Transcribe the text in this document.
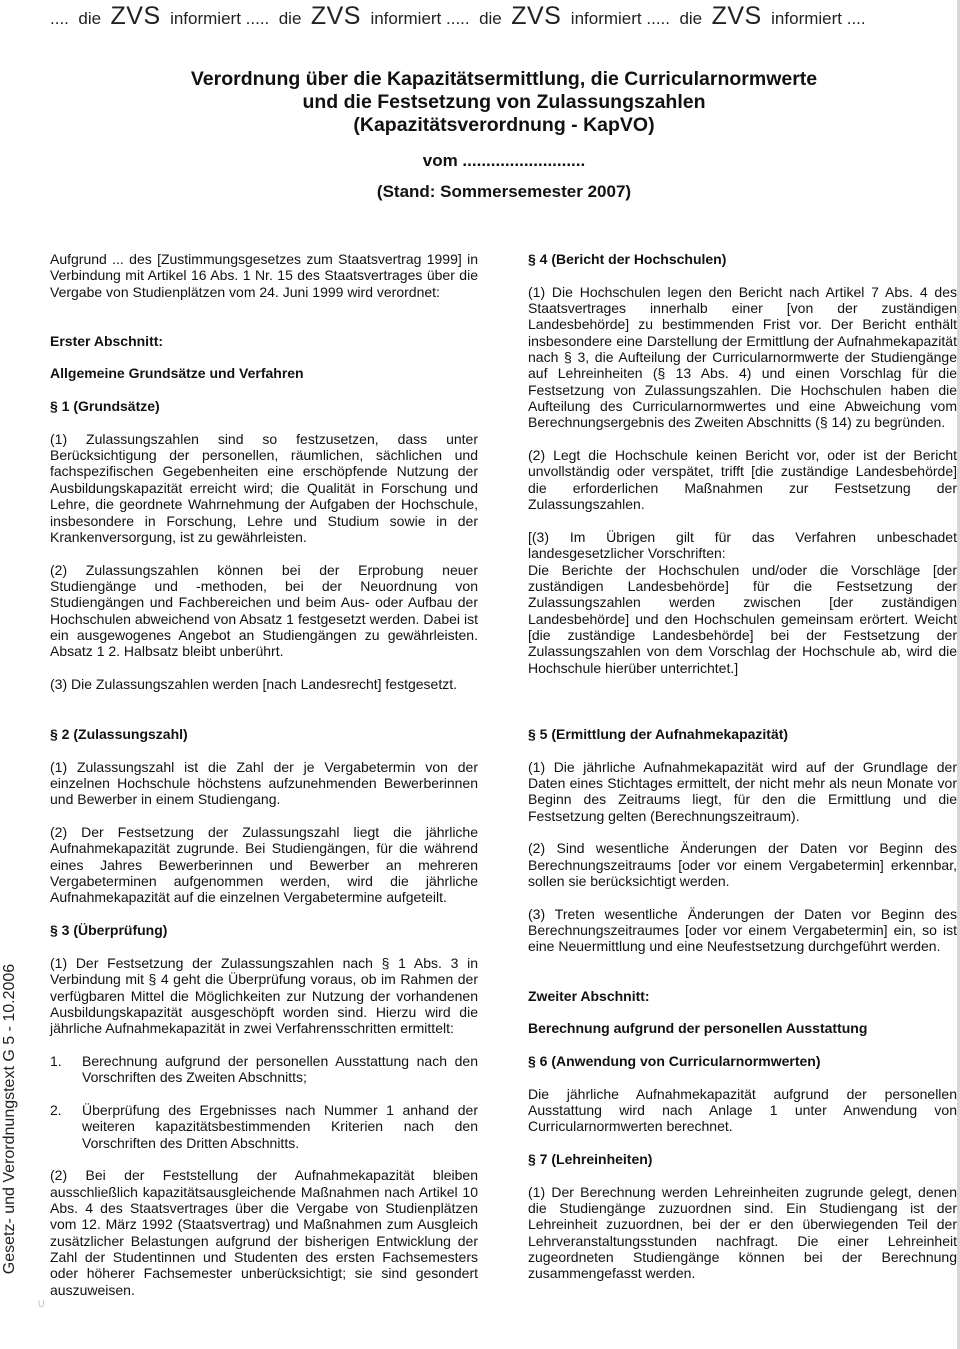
.... die ZVS informiert ..... die ZVS informiert ..... die ZVS informiert ..... die ZVS informiert ....
Verordnung über die Kapazitätsermittlung, die Curricularnormwerte
und die Festsetzung von Zulassungszahlen
(Kapazitätsverordnung - KapVO)
vom ..........................
(Stand: Sommersemester 2007)

Aufgrund ... des [Zustimmungsgesetzes zum Staatsvertrag 1999] in Verbindung mit Artikel 16 Abs. 1 Nr. 15 des Staatsvertrages über die Vergabe von Studienplätzen vom 24. Juni 1999 wird verordnet:

Erster Abschnitt:
Allgemeine Grundsätze und Verfahren
§ 1 (Grundsätze)

(1) Zulassungszahlen sind so festzusetzen, dass unter Berücksichtigung der personellen, räumlichen, sächlichen und fachspezifischen Gegebenheiten eine erschöpfende Nutzung der Ausbildungskapazität erreicht wird; die Qualität in Forschung und Lehre, die geordnete Wahrnehmung der Aufgaben der Hochschule, insbesondere in Forschung, Lehre und Studium sowie in der Krankenversorgung, ist zu gewährleisten.

(2) Zulassungszahlen können bei der Erprobung neuer Studiengänge und -methoden, bei der Neuordnung von Studiengängen und Fachbereichen und beim Aus- oder Aufbau der Hochschulen abweichend von Absatz 1 festgesetzt werden. Dabei ist ein ausgewogenes Angebot an Studiengängen zu gewährleisten. Absatz 1 2. Halbsatz bleibt unberührt.

(3) Die Zulassungszahlen werden [nach Landesrecht] festgesetzt.

§ 4 (Bericht der Hochschulen)

(1) Die Hochschulen legen den Bericht nach Artikel 7 Abs. 4 des Staatsvertrages innerhalb einer [von der zuständigen Landesbehörde] zu bestimmenden Frist vor. Der Bericht enthält insbesondere eine Darstellung der Ermittlung der Aufnahmekapazität nach § 3, die Aufteilung der Curricularnormwerte der Studiengänge auf Lehreinheiten (§ 13 Abs. 4) und einen Vorschlag für die Festsetzung von Zulassungszahlen. Die Hochschulen haben die Aufteilung des Curricularnormwertes und eine Abweichung vom Berechnungsergebnis des Zweiten Abschnitts (§ 14) zu begründen.

(2) Legt die Hochschule keinen Bericht vor, oder ist der Bericht unvollständig oder verspätet, trifft [die zuständige Landesbehörde] die erforderlichen Maßnahmen zur Festsetzung der Zulassungszahlen.

[(3) Im Übrigen gilt für das Verfahren unbeschadet landesgesetzlicher Vorschriften:

Die Berichte der Hochschulen und/oder die Vorschläge [der zuständigen Landesbehörde] für die Festsetzung der Zulassungszahlen werden zwischen [der zuständigen Landesbehörde] und den Hochschulen gemeinsam erörtert. Weicht [die zuständige Landesbehörde] bei der Festsetzung der Zulassungszahlen von dem Vorschlag der Hochschule ab, wird die Hochschule hierüber unterrichtet.]

§ 2 (Zulassungszahl)

(1) Zulassungszahl ist die Zahl der je Vergabetermin von der einzelnen Hochschule höchstens aufzunehmenden Bewerberinnen und Bewerber in einem Studiengang.

(2) Der Festsetzung der Zulassungszahl liegt die jährliche Aufnahmekapazität zugrunde. Bei Studiengängen, für die während eines Jahres Bewerberinnen und Bewerber an mehreren Vergabeterminen aufgenommen werden, wird die jährliche Aufnahmekapazität auf die einzelnen Vergabetermine aufgeteilt.

§ 3 (Überprüfung)

(1) Der Festsetzung der Zulassungszahlen nach § 1 Abs. 3 in Verbindung mit § 4 geht die Überprüfung voraus, ob im Rahmen der verfügbaren Mittel die Möglichkeiten zur Nutzung der vorhandenen Ausbildungskapazität ausgeschöpft worden sind. Hierzu wird die jährliche Aufnahmekapazität in zwei Verfahrensschritten ermittelt:

1.	Berechnung aufgrund der personellen Ausstattung nach den Vorschriften des Zweiten Abschnitts;
2.	Überprüfung des Ergebnisses nach Nummer 1 anhand der weiteren kapazitätsbestimmenden Kriterien nach den Vorschriften des Dritten Abschnitts.

(2) Bei der Feststellung der Aufnahmekapazität bleiben ausschließlich kapazitätsausgleichende Maßnahmen nach Artikel 10 Abs. 4 des Staatsvertrages über die Vergabe von Studienplätzen vom 12. März 1992 (Staatsvertrag) und Maßnahmen zum Ausgleich zusätzlicher Belastungen aufgrund der bisherigen Entwicklung der Zahl der Studentinnen und Studenten des ersten Fachsemesters oder höherer Fachsemester unberücksichtigt; sie sind gesondert auszuweisen.

§ 5 (Ermittlung der Aufnahmekapazität)

(1) Die jährliche Aufnahmekapazität wird auf der Grundlage der Daten eines Stichtages ermittelt, der nicht mehr als neun Monate vor Beginn des Zeitraums liegt, für den die Ermittlung und die Festsetzung gelten (Berechnungszeitraum).

(2) Sind wesentliche Änderungen der Daten vor Beginn des Berechnungszeitraums [oder vor einem Vergabetermin] erkennbar, sollen sie berücksichtigt werden.

(3) Treten wesentliche Änderungen der Daten vor Beginn des Berechnungszeitraumes [oder vor einem Vergabetermin] ein, so ist eine Neuermittlung und eine Neufestsetzung durchgeführt werden.

Zweiter Abschnitt:
Berechnung aufgrund der personellen Ausstattung
§ 6 (Anwendung von Curricularnormwerten)

Die jährliche Aufnahmekapazität aufgrund der personellen Ausstattung wird nach Anlage 1 unter Anwendung von Curricularnormwerten berechnet.

§ 7 (Lehreinheiten)

(1) Der Berechnung werden Lehreinheiten zugrunde gelegt, denen die Studiengänge zuzuordnen sind. Ein Studiengang ist der Lehreinheit zuzuordnen, bei der er den überwiegenden Teil der Lehrveranstaltungsstunden nachfragt. Die einer Lehreinheit zugeordneten Studiengänge können bei der Berechnung zusammengefasst werden.

Gesetz- und Verordnungstext G 5 - 10.2006
U
